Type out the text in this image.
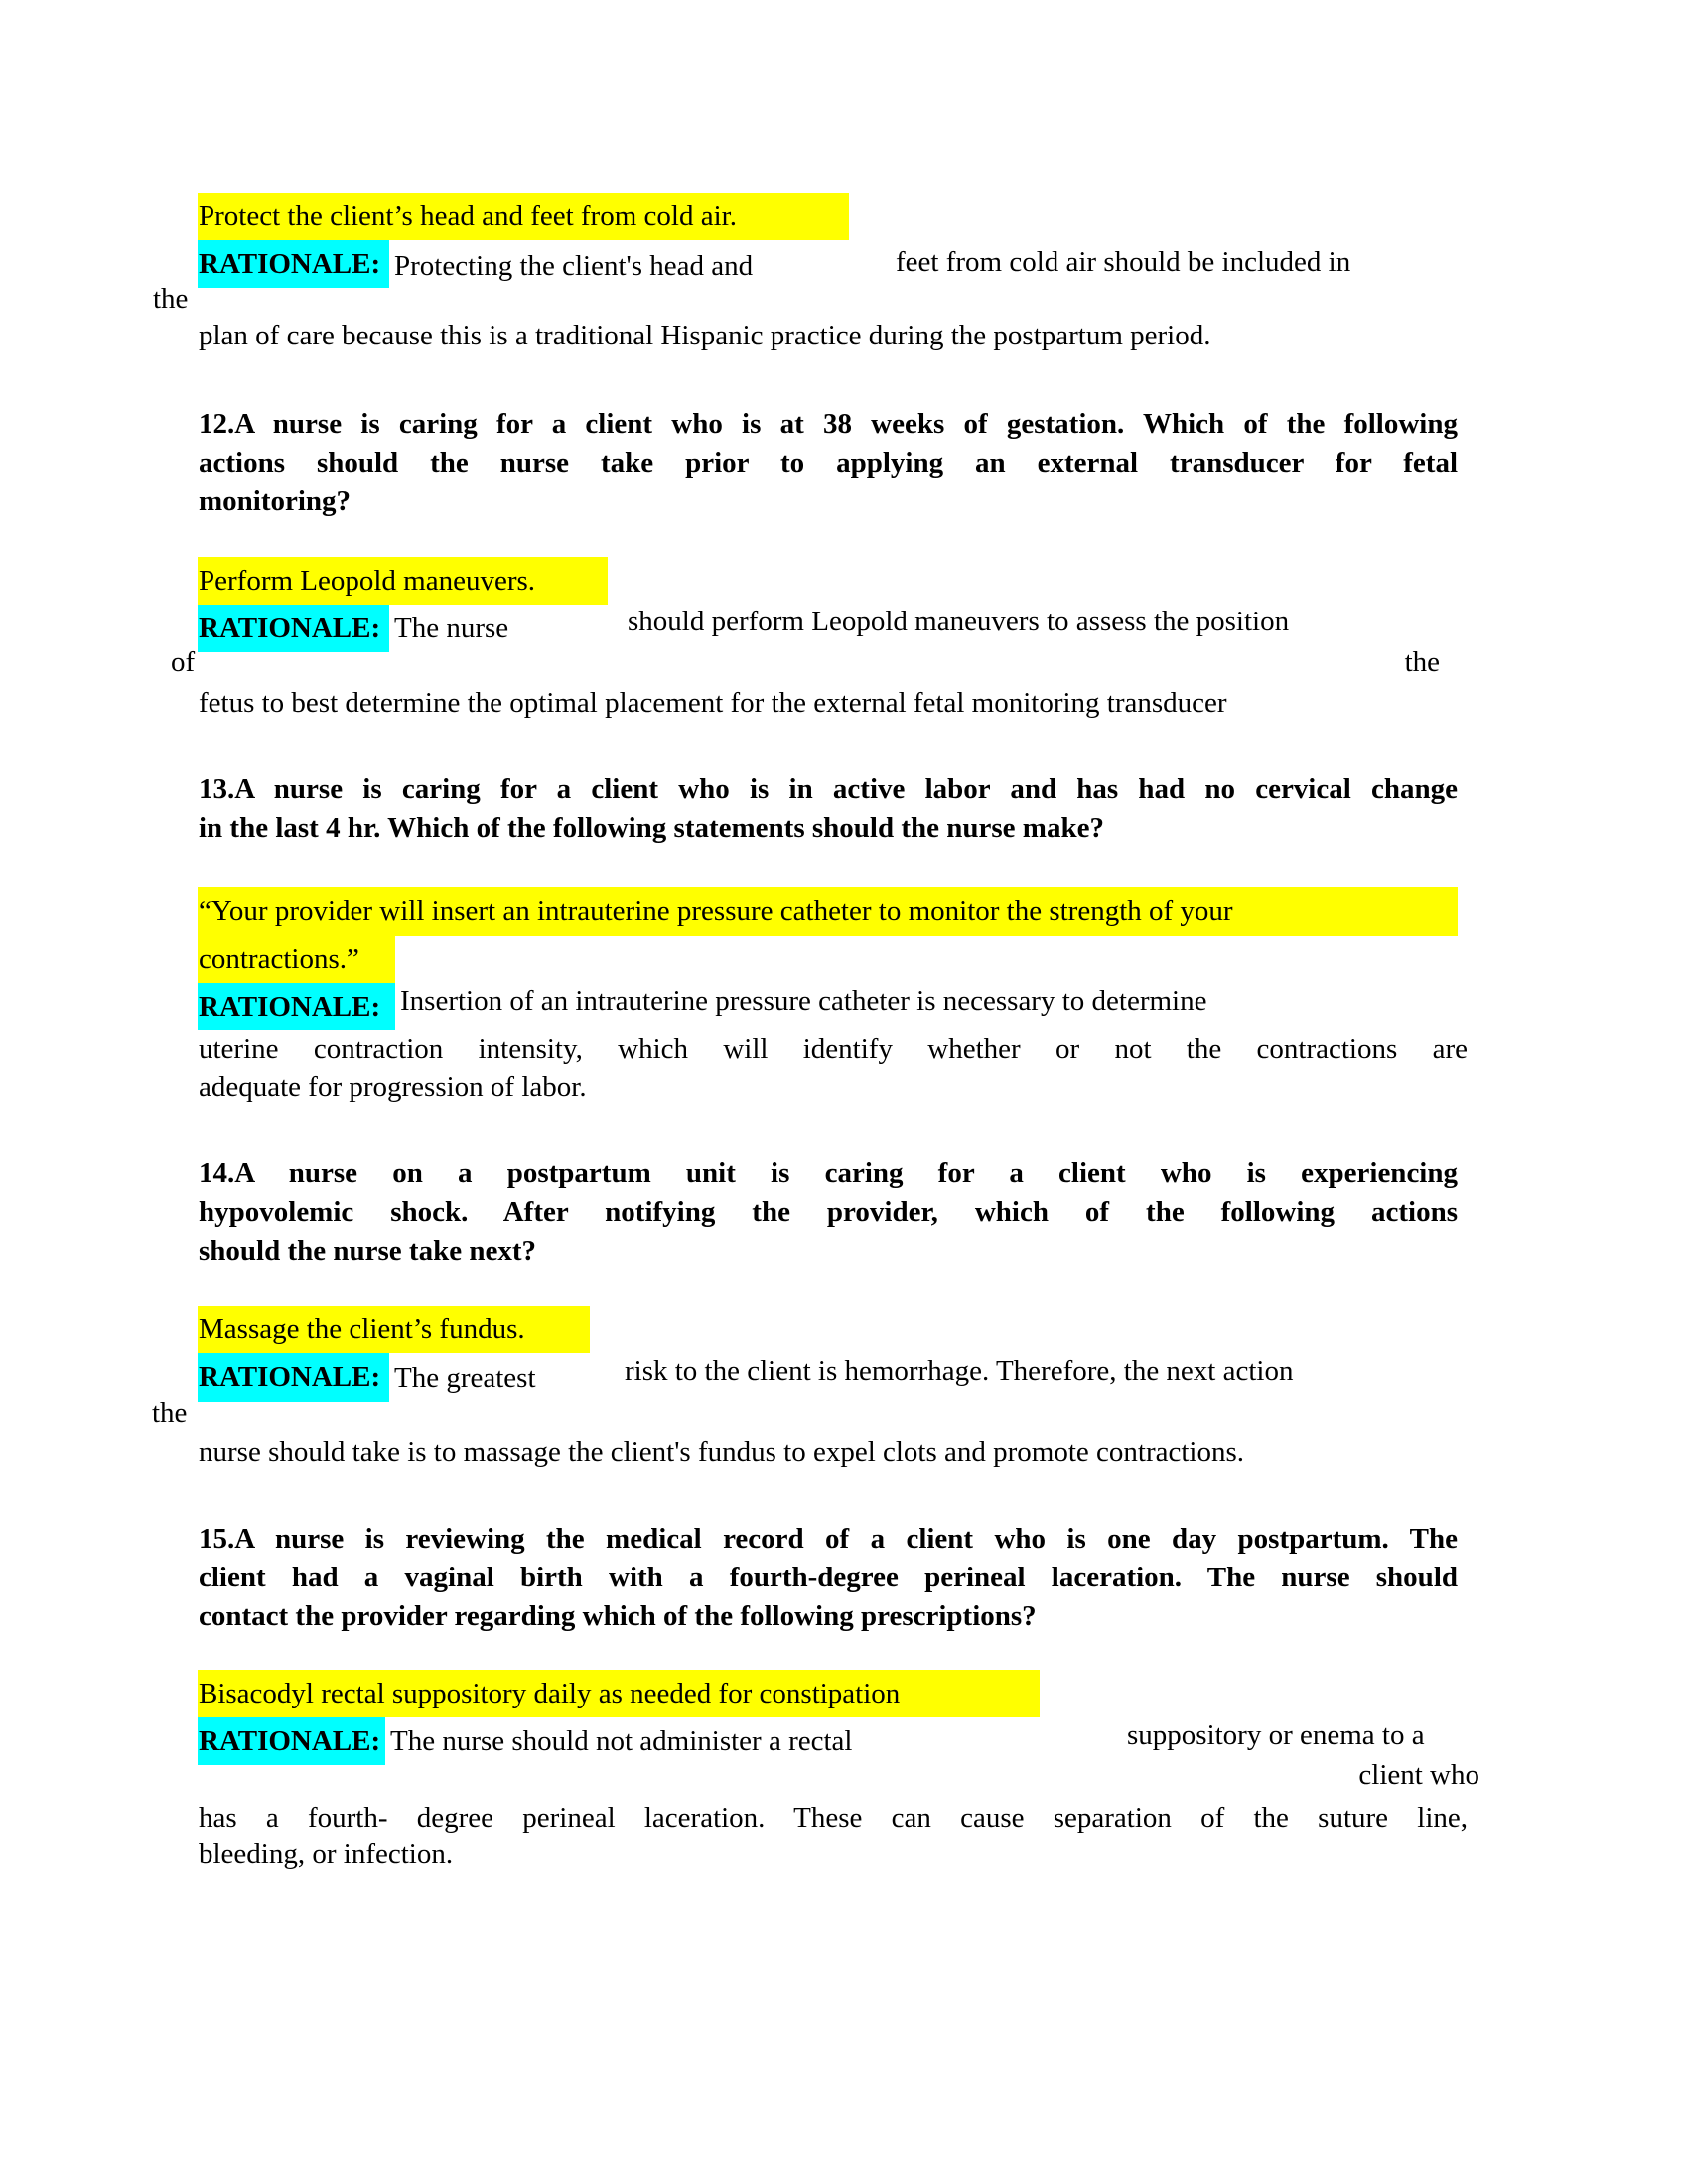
Protect the client’s head and feet from cold air.
RATIONALE: Protecting the client's head and	feet from cold air should be included in
the
plan of care because this is a traditional Hispanic practice during the postpartum period.
12.A nurse is caring for a client who is at 38 weeks of gestation. Which of the following
actions should the nurse take prior to applying an external transducer for fetal
monitoring?
Perform Leopold maneuvers.
RATIONALE: The nurse	should perform Leopold maneuvers to assess the position
of	the
fetus to best determine the optimal placement for the external fetal monitoring transducer
13.A nurse is caring for a client who is in active labor and has had no cervical change
in the last 4 hr. Which of the following statements should the nurse make?
“Your provider will insert an intrauterine pressure catheter to monitor the strength of your
contractions.”
RATIONALE: Insertion of an intrauterine pressure catheter is necessary to determine
uterine contraction intensity, which will identify whether or not the contractions are
adequate for progression of labor.
14.A nurse on a postpartum unit is caring for a client who is experiencing
hypovolemic shock. After notifying the provider, which of the following actions
should the nurse take next?
Massage the client’s fundus.
RATIONALE: The greatest	risk to the client is hemorrhage. Therefore, the next action
the
nurse should take is to massage the client's fundus to expel clots and promote contractions.
15.A nurse is reviewing the medical record of a client who is one day postpartum. The
client had a vaginal birth with a fourth-degree perineal laceration. The nurse should
contact the provider regarding which of the following prescriptions?
Bisacodyl rectal suppository daily as needed for constipation
RATIONALE: The nurse should not administer a rectal	suppository or enema to a
client who
has a fourth- degree perineal laceration. These can cause separation of the suture line,
bleeding, or infection.
